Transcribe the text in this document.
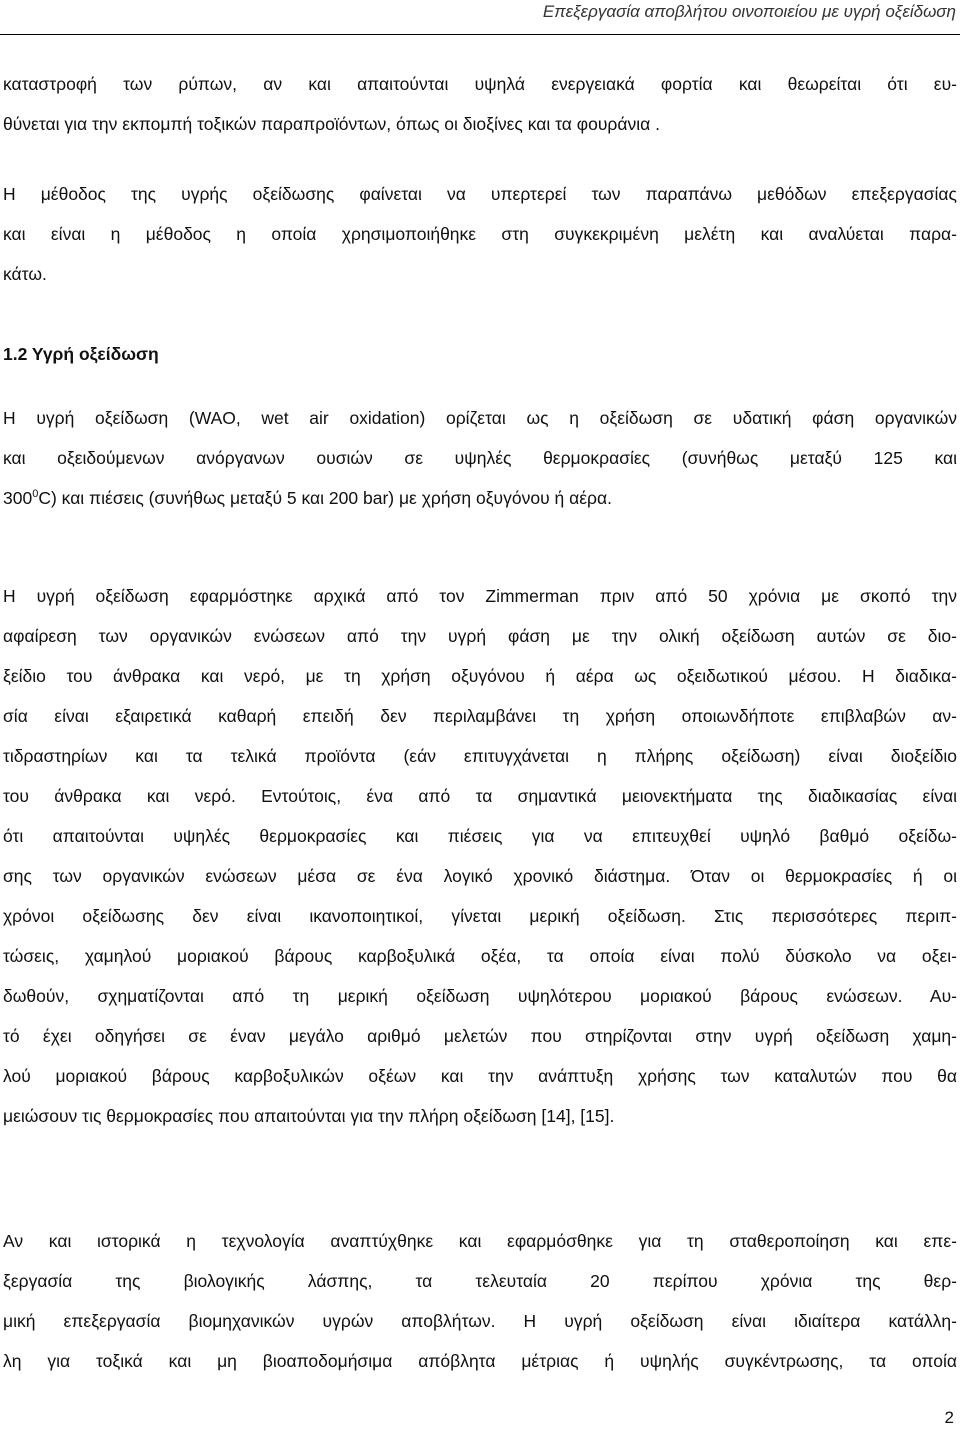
Επεξεργασία αποβλήτου οινοποιείου με υγρή οξείδωση
καταστροφή των ρύπων, αν και απαιτούνται υψηλά ενεργειακά φορτία και θεωρείται ότι ευ-
θύνεται για την εκπομπή τοξικών παραπροϊόντων, όπως οι διοξίνες και τα φουράνια .
Η μέθοδος της υγρής οξείδωσης φαίνεται να υπερτερεί των παραπάνω μεθόδων επεξεργασίας
και είναι η μέθοδος η οποία χρησιμοποιήθηκε στη συγκεκριμένη μελέτη και αναλύεται παρα-
κάτω.
1.2 Υγρή οξείδωση
Η υγρή οξείδωση (WAO, wet air oxidation) ορίζεται ως η οξείδωση σε υδατική φάση οργανικών
και οξειδούμενων ανόργανων ουσιών σε υψηλές θερμοκρασίες (συνήθως μεταξύ 125 και
$300^0C$) και πιέσεις (συνήθως μεταξύ 5 και 200 bar) με χρήση οξυγόνου ή αέρα.
Η υγρή οξείδωση εφαρμόστηκε αρχικά από τον Zimmerman πριν από 50 χρόνια με σκοπό την
αφαίρεση των οργανικών ενώσεων από την υγρή φάση με την ολική οξείδωση αυτών σε διο-
ξείδιο του άνθρακα και νερό, με τη χρήση οξυγόνου ή αέρα ως οξειδωτικού μέσου. Η διαδικα-
σία είναι εξαιρετικά καθαρή επειδή δεν περιλαμβάνει τη χρήση οποιωνδήποτε επιβλαβών αν-
τιδραστηρίων και τα τελικά προϊόντα (εάν επιτυγχάνεται η πλήρης οξείδωση) είναι διοξείδιο
του άνθρακα και νερό. Εντούτοις, ένα από τα σημαντικά μειονεκτήματα της διαδικασίας είναι
ότι απαιτούνται υψηλές θερμοκρασίες και πιέσεις για να επιτευχθεί υψηλό βαθμό οξείδω-
σης των οργανικών ενώσεων μέσα σε ένα λογικό χρονικό διάστημα. Όταν οι θερμοκρασίες ή οι
χρόνοι οξείδωσης δεν είναι ικανοποιητικοί, γίνεται μερική οξείδωση. Στις περισσότερες περιπ-
τώσεις, χαμηλού μοριακού βάρους καρβοξυλικά οξέα, τα οποία είναι πολύ δύσκολο να οξει-
δωθούν, σχηματίζονται από τη μερική οξείδωση υψηλότερου μοριακού βάρους ενώσεων. Αυ-
τό έχει οδηγήσει σε έναν μεγάλο αριθμό μελετών που στηρίζονται στην υγρή οξείδωση χαμη-
λού μοριακού βάρους καρβοξυλικών οξέων και την ανάπτυξη χρήσης των καταλυτών που θα
μειώσουν τις θερμοκρασίες που απαιτούνται για την πλήρη οξείδωση [14], [15].
Αν και ιστορικά η τεχνολογία αναπτύχθηκε και εφαρμόσθηκε για τη σταθεροποίηση και επε-
ξεργασία της βιολογικής λάσπης, τα τελευταία 20 περίπου χρόνια της θερ-
μική επεξεργασία βιομηχανικών υγρών αποβλήτων. Η υγρή οξείδωση είναι ιδιαίτερα κατάλλη-
λη για τοξικά και μη βιοαποδομήσιμα απόβλητα μέτριας ή υψηλής συγκέντρωσης, τα οποία
2
